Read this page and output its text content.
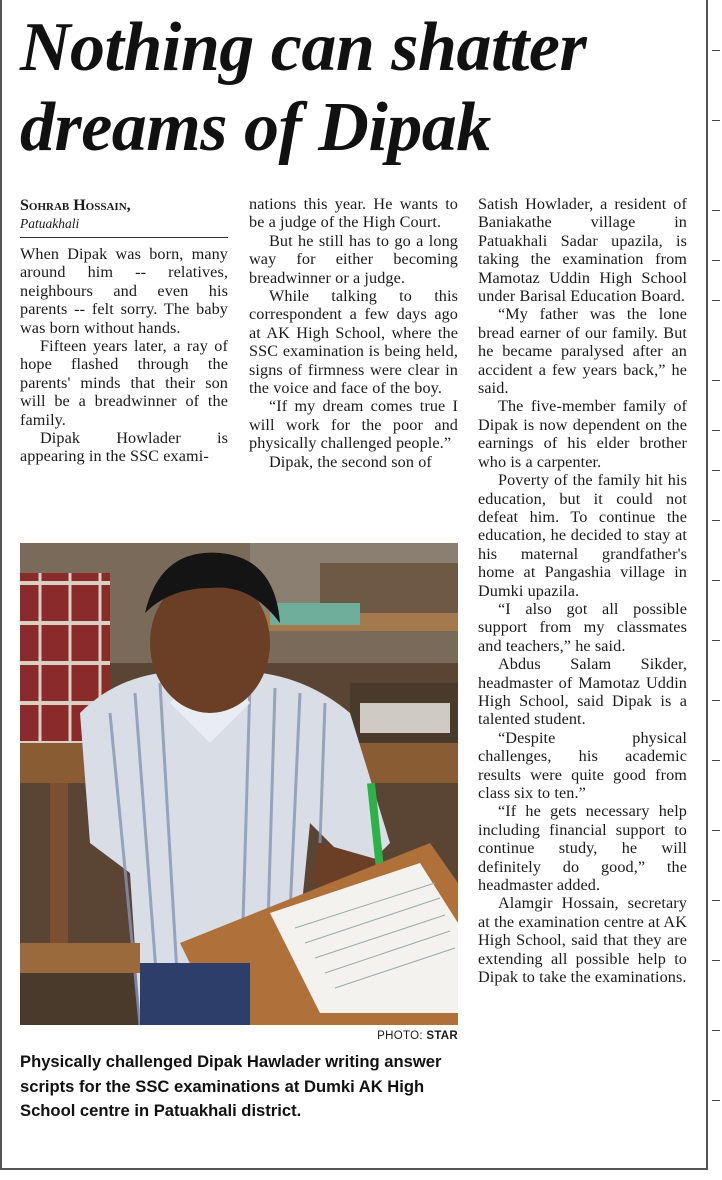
Nothing can shatter dreams of Dipak
Sohrab Hossain,
Patuakhali

When Dipak was born, many around him -- relatives, neighbours and even his parents -- felt sorry. The baby was born without hands.

Fifteen years later, a ray of hope flashed through the parents' minds that their son will be a breadwinner of the family.

Dipak Howlader is appearing in the SSC exami-

nations this year. He wants to be a judge of the High Court.

But he still has to go a long way for either becoming breadwinner or a judge.

While talking to this correspondent a few days ago at AK High School, where the SSC examination is being held, signs of firmness were clear in the voice and face of the boy.

“If my dream comes true I will work for the poor and physically challenged people.”

Dipak, the second son of

Satish Howlader, a resident of Baniakathe village in Patuakhali Sadar upazila, is taking the examination from Mamotaz Uddin High School under Barisal Education Board.

“My father was the lone bread earner of our family. But he became paralysed after an accident a few years back,” he said.

The five-member family of Dipak is now dependent on the earnings of his elder brother who is a carpenter.

Poverty of the family hit his education, but it could not defeat him. To continue the education, he decided to stay at his maternal grandfather's home at Pangashia village in Dumki upazila.

“I also got all possible support from my classmates and teachers,” he said.

Abdus Salam Sikder, headmaster of Mamotaz Uddin High School, said Dipak is a talented student.

“Despite physical challenges, his academic results were quite good from class six to ten.”

“If he gets necessary help including financial support to continue study, he will definitely do good,” the headmaster added.

Alamgir Hossain, secretary at the examination centre at AK High School, said that they are extending all possible help to Dipak to take the examinations.

PHOTO: STAR
Physically challenged Dipak Hawlader writing answer scripts for the SSC examinations at Dumki AK High School centre in Patuakhali district.
